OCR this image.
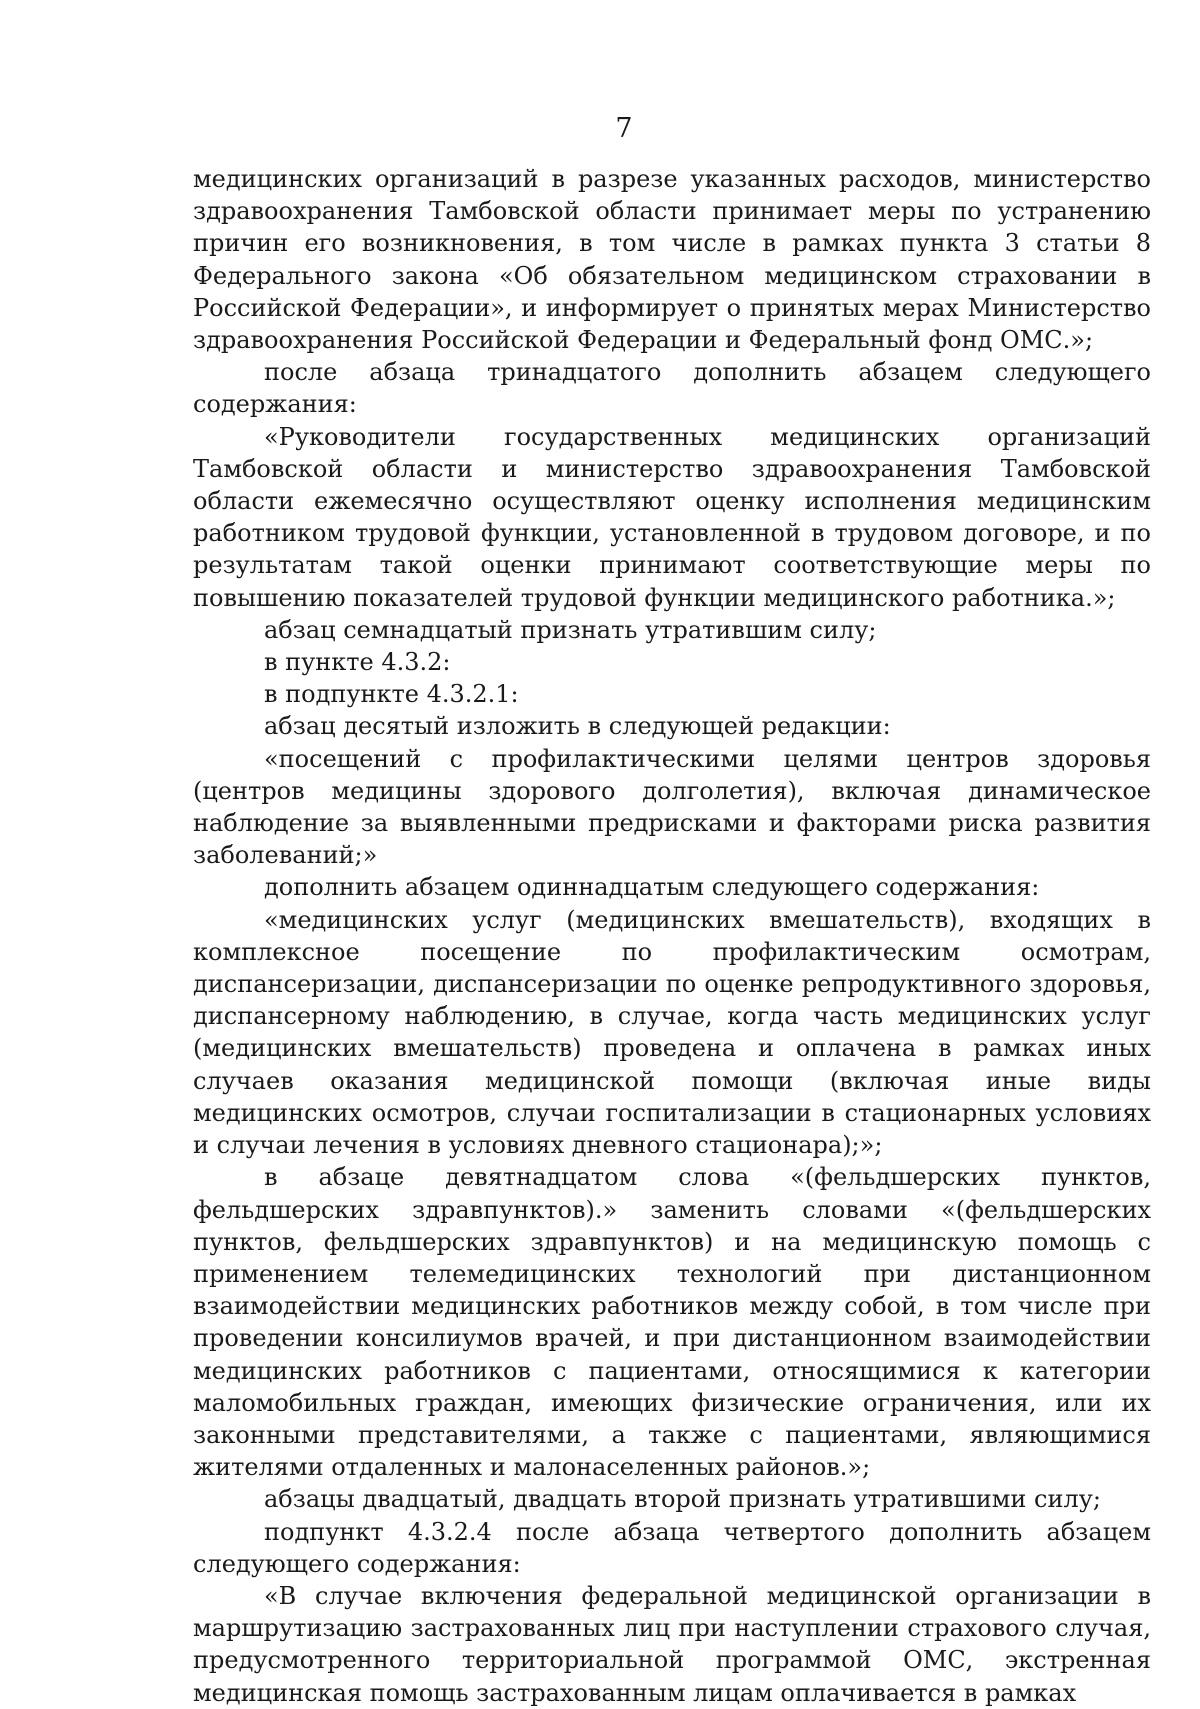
7

медицинских организаций в разрезе указанных расходов, министерство здравоохранения Тамбовской области принимает меры по устранению причин его возникновения, в том числе в рамках пункта 3 статьи 8 Федерального закона «Об обязательном медицинском страховании в Российской Федерации», и информирует о принятых мерах Министерство здравоохранения Российской Федерации и Федеральный фонд ОМС.»;

после абзаца тринадцатого дополнить абзацем следующего содержания:

«Руководители государственных медицинских организаций Тамбовской области и министерство здравоохранения Тамбовской области ежемесячно осуществляют оценку исполнения медицинским работником трудовой функции, установленной в трудовом договоре, и по результатам такой оценки принимают соответствующие меры по повышению показателей трудовой функции медицинского работника.»;

абзац семнадцатый признать утратившим силу;

в пункте 4.3.2:

в подпункте 4.3.2.1:

абзац десятый изложить в следующей редакции:

«посещений с профилактическими целями центров здоровья (центров медицины здорового долголетия), включая динамическое наблюдение за выявленными предрисками и факторами риска развития заболеваний;»

дополнить абзацем одиннадцатым следующего содержания:

«медицинских услуг (медицинских вмешательств), входящих в комплексное посещение по профилактическим осмотрам, диспансеризации, диспансеризации по оценке репродуктивного здоровья, диспансерному наблюдению, в случае, когда часть медицинских услуг (медицинских вмешательств) проведена и оплачена в рамках иных случаев оказания медицинской помощи (включая иные виды медицинских осмотров, случаи госпитализации в стационарных условиях и случаи лечения в условиях дневного стационара);»;

в абзаце девятнадцатом слова «(фельдшерских пунктов, фельдшерских здравпунктов).» заменить словами «(фельдшерских пунктов, фельдшерских здравпунктов) и на медицинскую помощь с применением телемедицинских технологий при дистанционном взаимодействии медицинских работников между собой, в том числе при проведении консилиумов врачей, и при дистанционном взаимодействии медицинских работников с пациентами, относящимися к категории маломобильных граждан, имеющих физические ограничения, или их законными представителями, а также с пациентами, являющимися жителями отдаленных и малонаселенных районов.»;

абзацы двадцатый, двадцать второй признать утратившими силу;

подпункт 4.3.2.4 после абзаца четвертого дополнить абзацем следующего содержания:

«В случае включения федеральной медицинской организации в маршрутизацию застрахованных лиц при наступлении страхового случая, предусмотренного территориальной программой ОМС, экстренная медицинская помощь застрахованным лицам оплачивается в рамках
